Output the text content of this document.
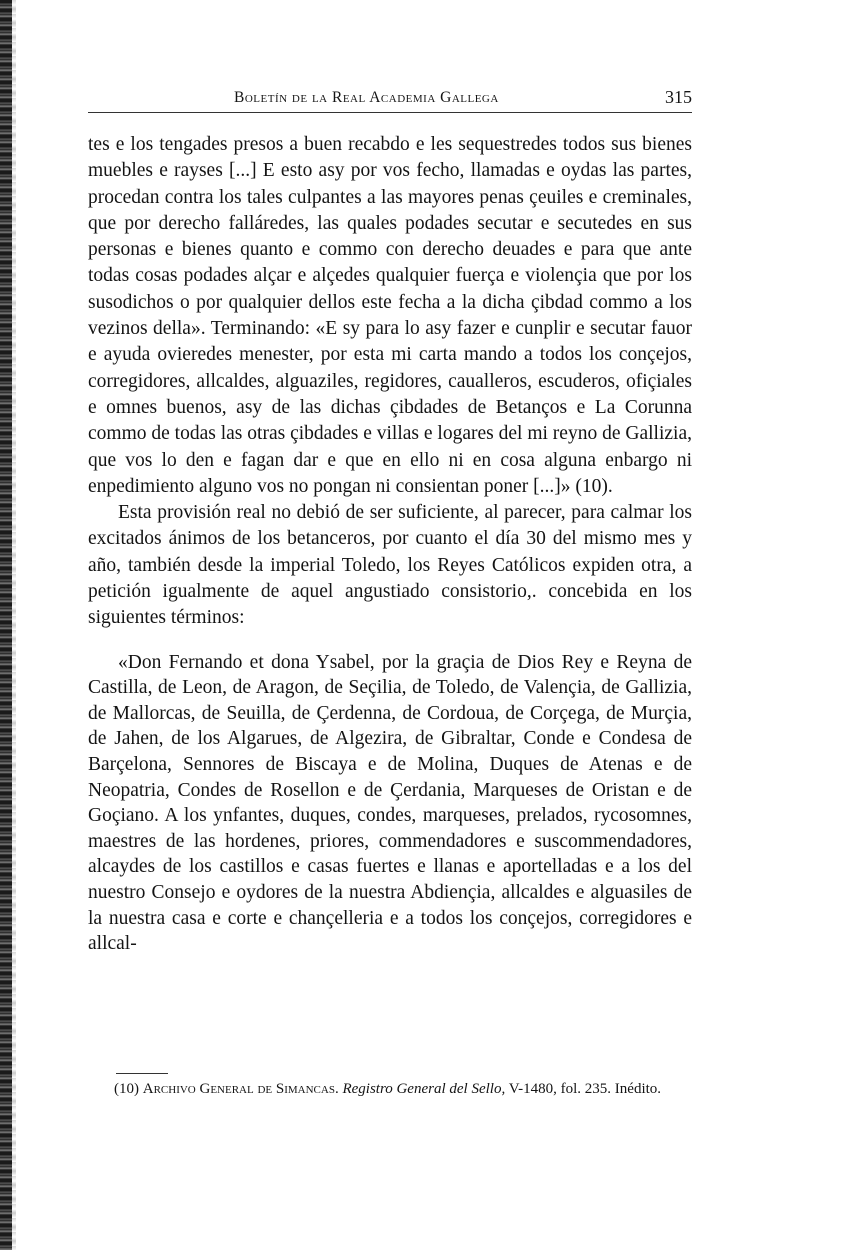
Boletín de la Real Academia Gallega	315

tes e los tengades presos a buen recabdo e les sequestredes todos sus bienes muebles e rayses [...] E esto asy por vos fecho, llamadas e oydas las partes, procedan contra los tales culpantes a las mayores penas çeuiles e creminales, que por derecho falláredes, las quales podades secutar e secutedes en sus personas e bienes quanto e commo con derecho deuades e para que ante todas cosas podades alçar e alçedes qualquier fuerça e violençia que por los susodichos o por qualquier dellos este fecha a la dicha çibdad commo a los vezinos della». Terminando: «E sy para lo asy fazer e cunplir e secutar fauor e ayuda ovieredes menester, por esta mi carta mando a todos los conçejos, corregidores, allcaldes, alguaziles, regidores, caualleros, escuderos, ofiçiales e omnes buenos, asy de las dichas çibdades de Betanços e La Corunna commo de todas las otras çibdades e villas e logares del mi reyno de Gallizia, que vos lo den e fagan dar e que en ello ni en cosa alguna enbargo ni enpedimiento alguno vos no pongan ni consientan poner [...]» (10).

Esta provisión real no debió de ser suficiente, al parecer, para calmar los excitados ánimos de los betanceros, por cuanto el día 30 del mismo mes y año, también desde la imperial Toledo, los Reyes Católicos expiden otra, a petición igualmente de aquel angustiado consistorio,. concebida en los siguientes términos:

«Don Fernando et dona Ysabel, por la graçia de Dios Rey e Reyna de Castilla, de Leon, de Aragon, de Seçilia, de Toledo, de Valençia, de Gallizia, de Mallorcas, de Seuilla, de Çerdenna, de Cordoua, de Corçega, de Murçia, de Jahen, de los Algarues, de Algezira, de Gibraltar, Conde e Condesa de Barçelona, Sennores de Biscaya e de Molina, Duques de Atenas e de Neopatria, Condes de Rosellon e de Çerdania, Marqueses de Oristan e de Goçiano. A los ynfantes, duques, condes, marqueses, prelados, rycosomnes, maestres de las hordenes, priores, commendadores e suscommendadores, alcaydes de los castillos e casas fuertes e llanas e aportelladas e a los del nuestro Consejo e oydores de la nuestra Abdiençia, allcaldes e alguasiles de la nuestra casa e corte e chançelleria e a todos los conçejos, corregidores e allcal-

(10) Archivo General de Simancas. Registro General del Sello, V-1480, fol. 235. Inédito.
